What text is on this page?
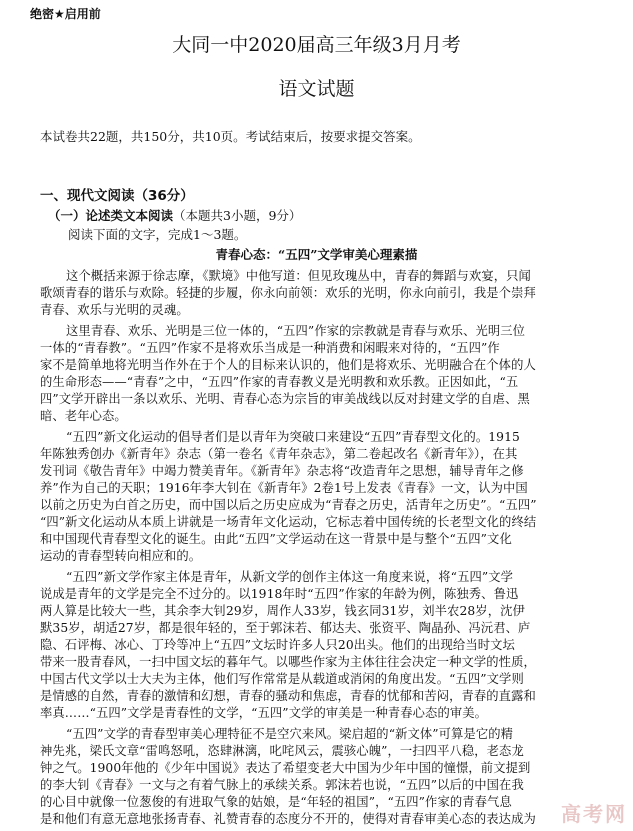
绝密★启用前
大同一中2020届高三年级3月月考
语文试题
本试卷共22题，共150分，共10页。考试结束后，按要求提交答案。
一、现代文阅读（36分）
（一）论述类文本阅读（本题共3小题，9分）
阅读下面的文字，完成1～3题。
青春心态：“五四”文学审美心理素描
这个概括来源于徐志摩，《默境》中他写道：但见玫瑰丛中，青春的舞蹈与欢宴，只闻
歌颂青春的谐乐与欢除。轻捷的步履，你永向前领：欢乐的光明，你永向前引，我是个崇拜
青春、欢乐与光明的灵魂。
这里青春、欢乐、光明是三位一体的，“五四”作家的宗教就是青春与欢乐、光明三位
一体的“青春教”。“五四”作家不是将欢乐当成是一种消费和闲暇来对待的，“五四”作
家不是简单地将光明当作外在于个人的目标来认识的，他们是将欢乐、光明融合在个体的人
的生命形态——“青春”之中，“五四”作家的青春教义是光明教和欢乐教。正因如此，“五
四”文学开辟出一条以欢乐、光明、青春心态为宗旨的审美战线以反对封建文学的自虐、黑
暗、老年心态。
“五四”新文化运动的倡导者们是以青年为突破口来建设“五四”青春型文化的。1915
年陈独秀创办《新青年》杂志（第一卷名《青年杂志》，第二卷起改名《新青年》），在其
发刊词《敬告青年》中竭力赞美青年。《新青年》杂志将“改造青年之思想，辅导青年之修
养”作为自己的天职；1916年李大钊在《新青年》2卷1号上发表《青春》一文，认为中国
以前之历史为白首之历史，而中国以后之历史应成为“青春之历史，活青年之历史”。“五四”
“四”新文化运动从本质上讲就是一场青年文化运动，它标志着中国传统的长老型文化的终结
和中国现代青春型文化的诞生。由此“五四”文学运动在这一背景中是与整个“五四”文化
运动的青春型转向相应和的。
“五四”新文学作家主体是青年，从新文学的创作主体这一角度来说，将“五四”文学
说成是青年的文学是完全不过分的。以1918年时“五四”作家的年龄为例，陈独秀、鲁迅
两人算是比较大一些，其余李大钊29岁，周作人33岁，钱玄同31岁，刘半农28岁，沈伊
默35岁，胡适27岁，都是很年轻的，至于郭沫若、郁达夫、张资平、陶晶孙、冯沅君、庐
隐、石评梅、冰心、丁玲等冲上“五四”文坛时许多人只20出头。他们的出现给当时文坛
带来一股青春风，一扫中国文坛的暮年气。以哪些作家为主体往往会决定一种文学的性质，
中国古代文学以士大夫为主体，他们写作常常是从载道或消闲的角度出发。“五四”文学则
是情感的自然，青春的激情和幻想，青春的骚动和焦虑，青春的忧郁和苦闷，青春的直露和
率真……“五四”文学是青春性的文学，“五四”文学的审美是一种青春心态的审美。
“五四”文学的青春型审美心理特征不是空穴来风。梁启超的“新文体”可算是它的精
神先兆，梁氏文章“雷鸣怒吼，恣肆淋漓，叱咤风云，震骇心魄”，一扫四平八稳，老态龙
钟之气。1900年他的《少年中国说》表达了希望变老大中国为少年中国的憧憬，前文提到
的李大钊《青春》一文与之有着气脉上的承续关系。郭沫若也说，“五四”以后的中国在我
的心目中就像一位葱俊的有进取气象的姑娘，是“年轻的祖国”，“五四”作家的青春气息
是和他们有意无意地张扬青春、礼赞青春的态度分不开的，使得对青春审美心态的表达成为 高考网
